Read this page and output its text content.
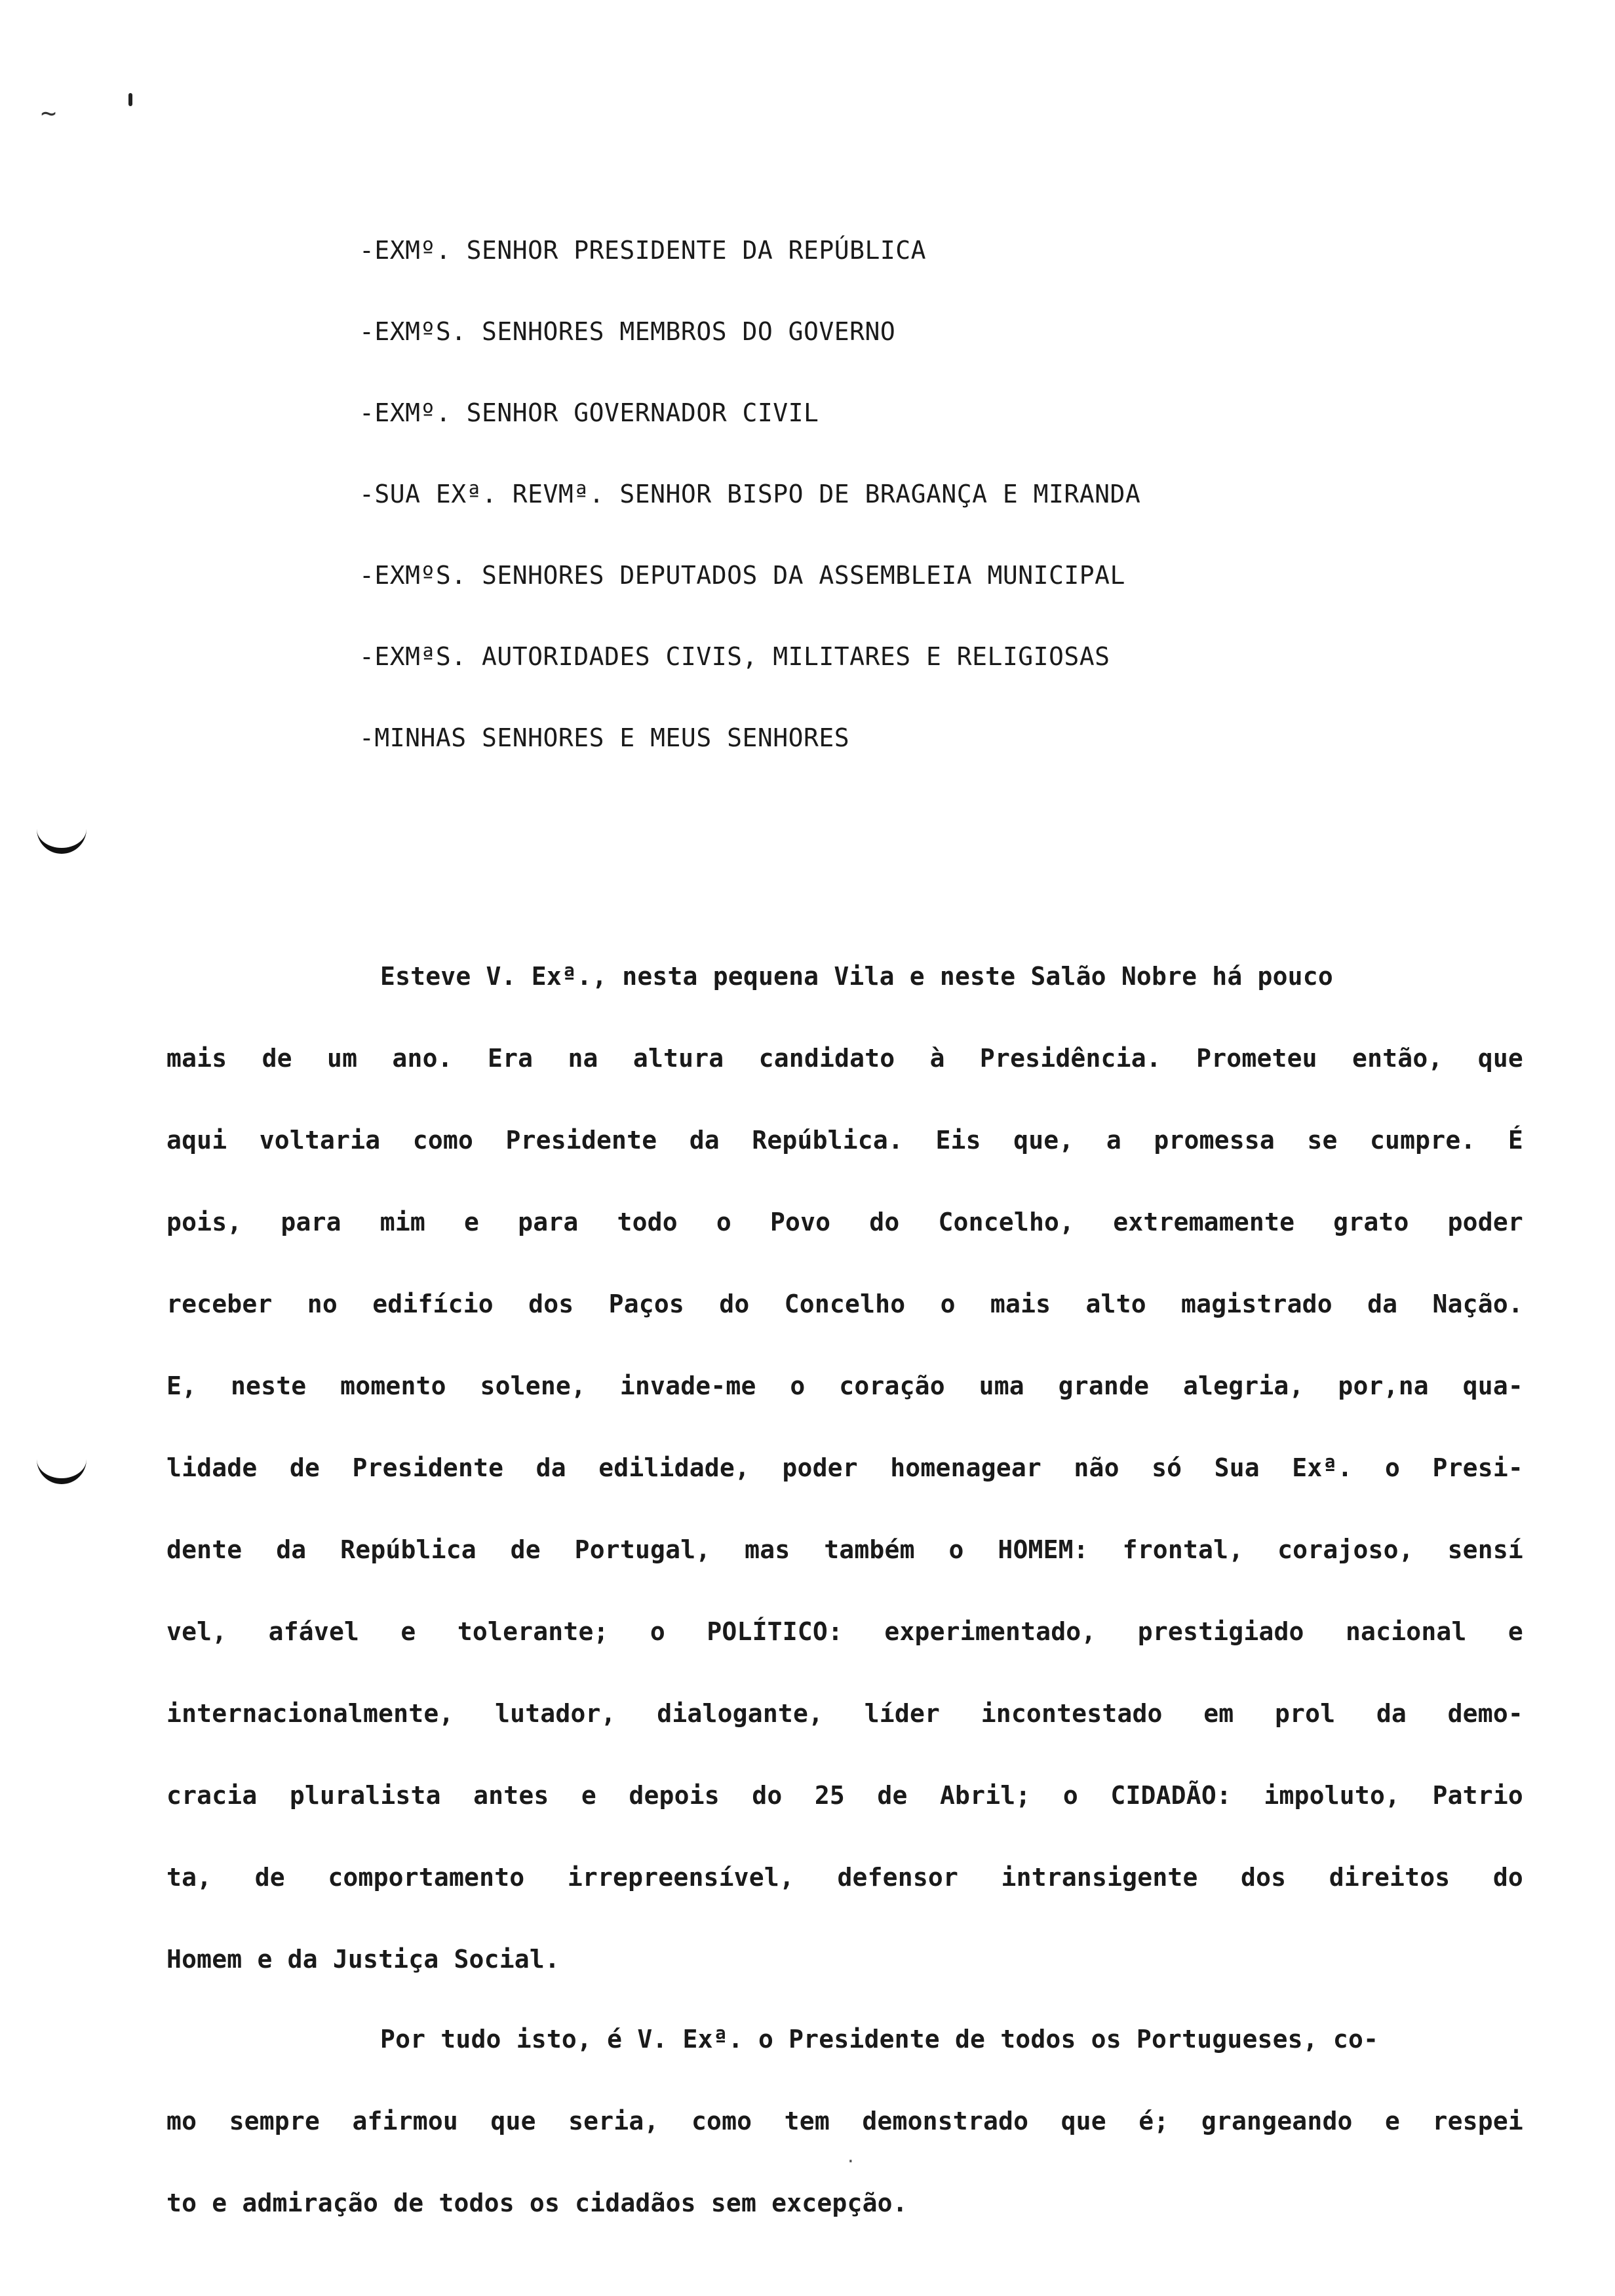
~
-EXMº. SENHOR PRESIDENTE DA REPÚBLICA
-EXMºS. SENHORES MEMBROS DO GOVERNO
-EXMº. SENHOR GOVERNADOR CIVIL
-SUA EXª. REVMª. SENHOR BISPO DE BRAGANÇA E MIRANDA
-EXMºS. SENHORES DEPUTADOS DA ASSEMBLEIA MUNICIPAL
-EXMªS. AUTORIDADES CIVIS, MILITARES E RELIGIOSAS
-MINHAS SENHORES E MEUS SENHORES
Esteve V. Exª., nesta pequena Vila e neste Salão Nobre há pouco
mais de um ano. Era na altura candidato à Presidência. Prometeu então, que
aqui voltaria como Presidente da República. Eis que, a promessa se cumpre. É
pois, para mim e para todo o Povo do Concelho, extremamente grato poder
receber no edifício dos Paços do Concelho o mais alto magistrado da Nação.
E, neste momento solene, invade-me o coração uma grande alegria, por,na qua-
lidade de Presidente da edilidade, poder homenagear não só Sua Exª. o Presi-
dente da República de Portugal, mas também o HOMEM: frontal, corajoso, sensí
vel, afável e tolerante; o POLÍTICO: experimentado, prestigiado nacional e
internacionalmente, lutador, dialogante, líder incontestado em prol da demo-
cracia pluralista antes e depois do 25 de Abril; o CIDADÃO: impoluto, Patrio
ta, de comportamento irrepreensível, defensor intransigente dos direitos do
Homem e da Justiça Social.
Por tudo isto, é V. Exª. o Presidente de todos os Portugueses, co-
mo sempre afirmou que seria, como tem demonstrado que é; grangeando e respei
to e admiração de todos os cidadãos sem excepção.
·
